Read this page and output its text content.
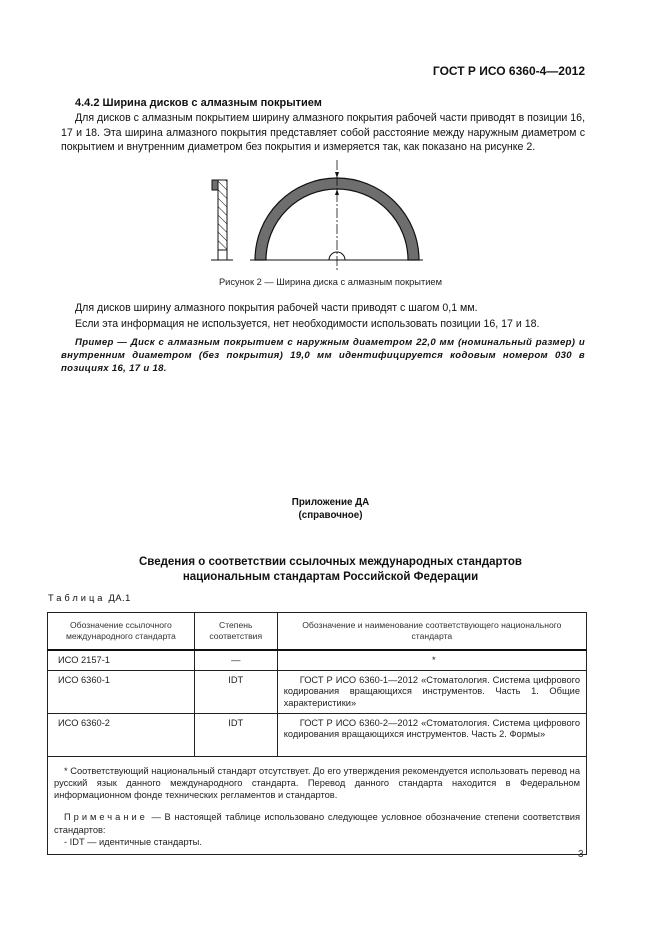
ГОСТ Р ИСО 6360-4—2012
4.4.2 Ширина дисков с алмазным покрытием
Для дисков с алмазным покрытием ширину алмазного покрытия рабочей части приводят в позиции 16, 17 и 18. Эта ширина алмазного покрытия представляет собой расстояние между наружным диаметром с покрытием и внутренним диаметром без покрытия и измеряется так, как показано на рисунке 2.
Рисунок 2 — Ширина диска с алмазным покрытием
Для дисков ширину алмазного покрытия рабочей части приводят с шагом 0,1 мм.
Если эта информация не используется, нет необходимости использовать позиции 16, 17 и 18.
Пример — Диск с алмазным покрытием с наружным диаметром 22,0 мм (номинальный размер) и внутренним диаметром (без покрытия) 19,0 мм идентифицируется кодовым номером 030 в позициях 16, 17 и 18.
Приложение ДА
(справочное)
Сведения о соответствии ссылочных международных стандартов
национальным стандартам Российской Федерации
Таблица ДА.1
Обозначение ссылочного международного стандарта	Степень соответствия	Обозначение и наименование соответствующего национального стандарта
ИСО 2157-1	—	*
ИСО 6360-1	IDT	ГОСТ Р ИСО 6360-1—2012 «Стоматология. Система цифрового кодирования вращающихся инструментов. Часть 1. Общие характеристики»
ИСО 6360-2	IDT	ГОСТ Р ИСО 6360-2—2012 «Стоматология. Система цифрового кодирования вращающихся инструментов. Часть 2. Формы»

* Соответствующий национальный стандарт отсутствует. До его утверждения рекомендуется использовать перевод на русский язык данного международного стандарта. Перевод данного стандарта находится в Федеральном информационном фонде технических регламентов и стандартов.

Примечание — В настоящей таблице использовано следующее условное обозначение степени соответствия стандартов:

- IDT — идентичные стандарты.		

3
